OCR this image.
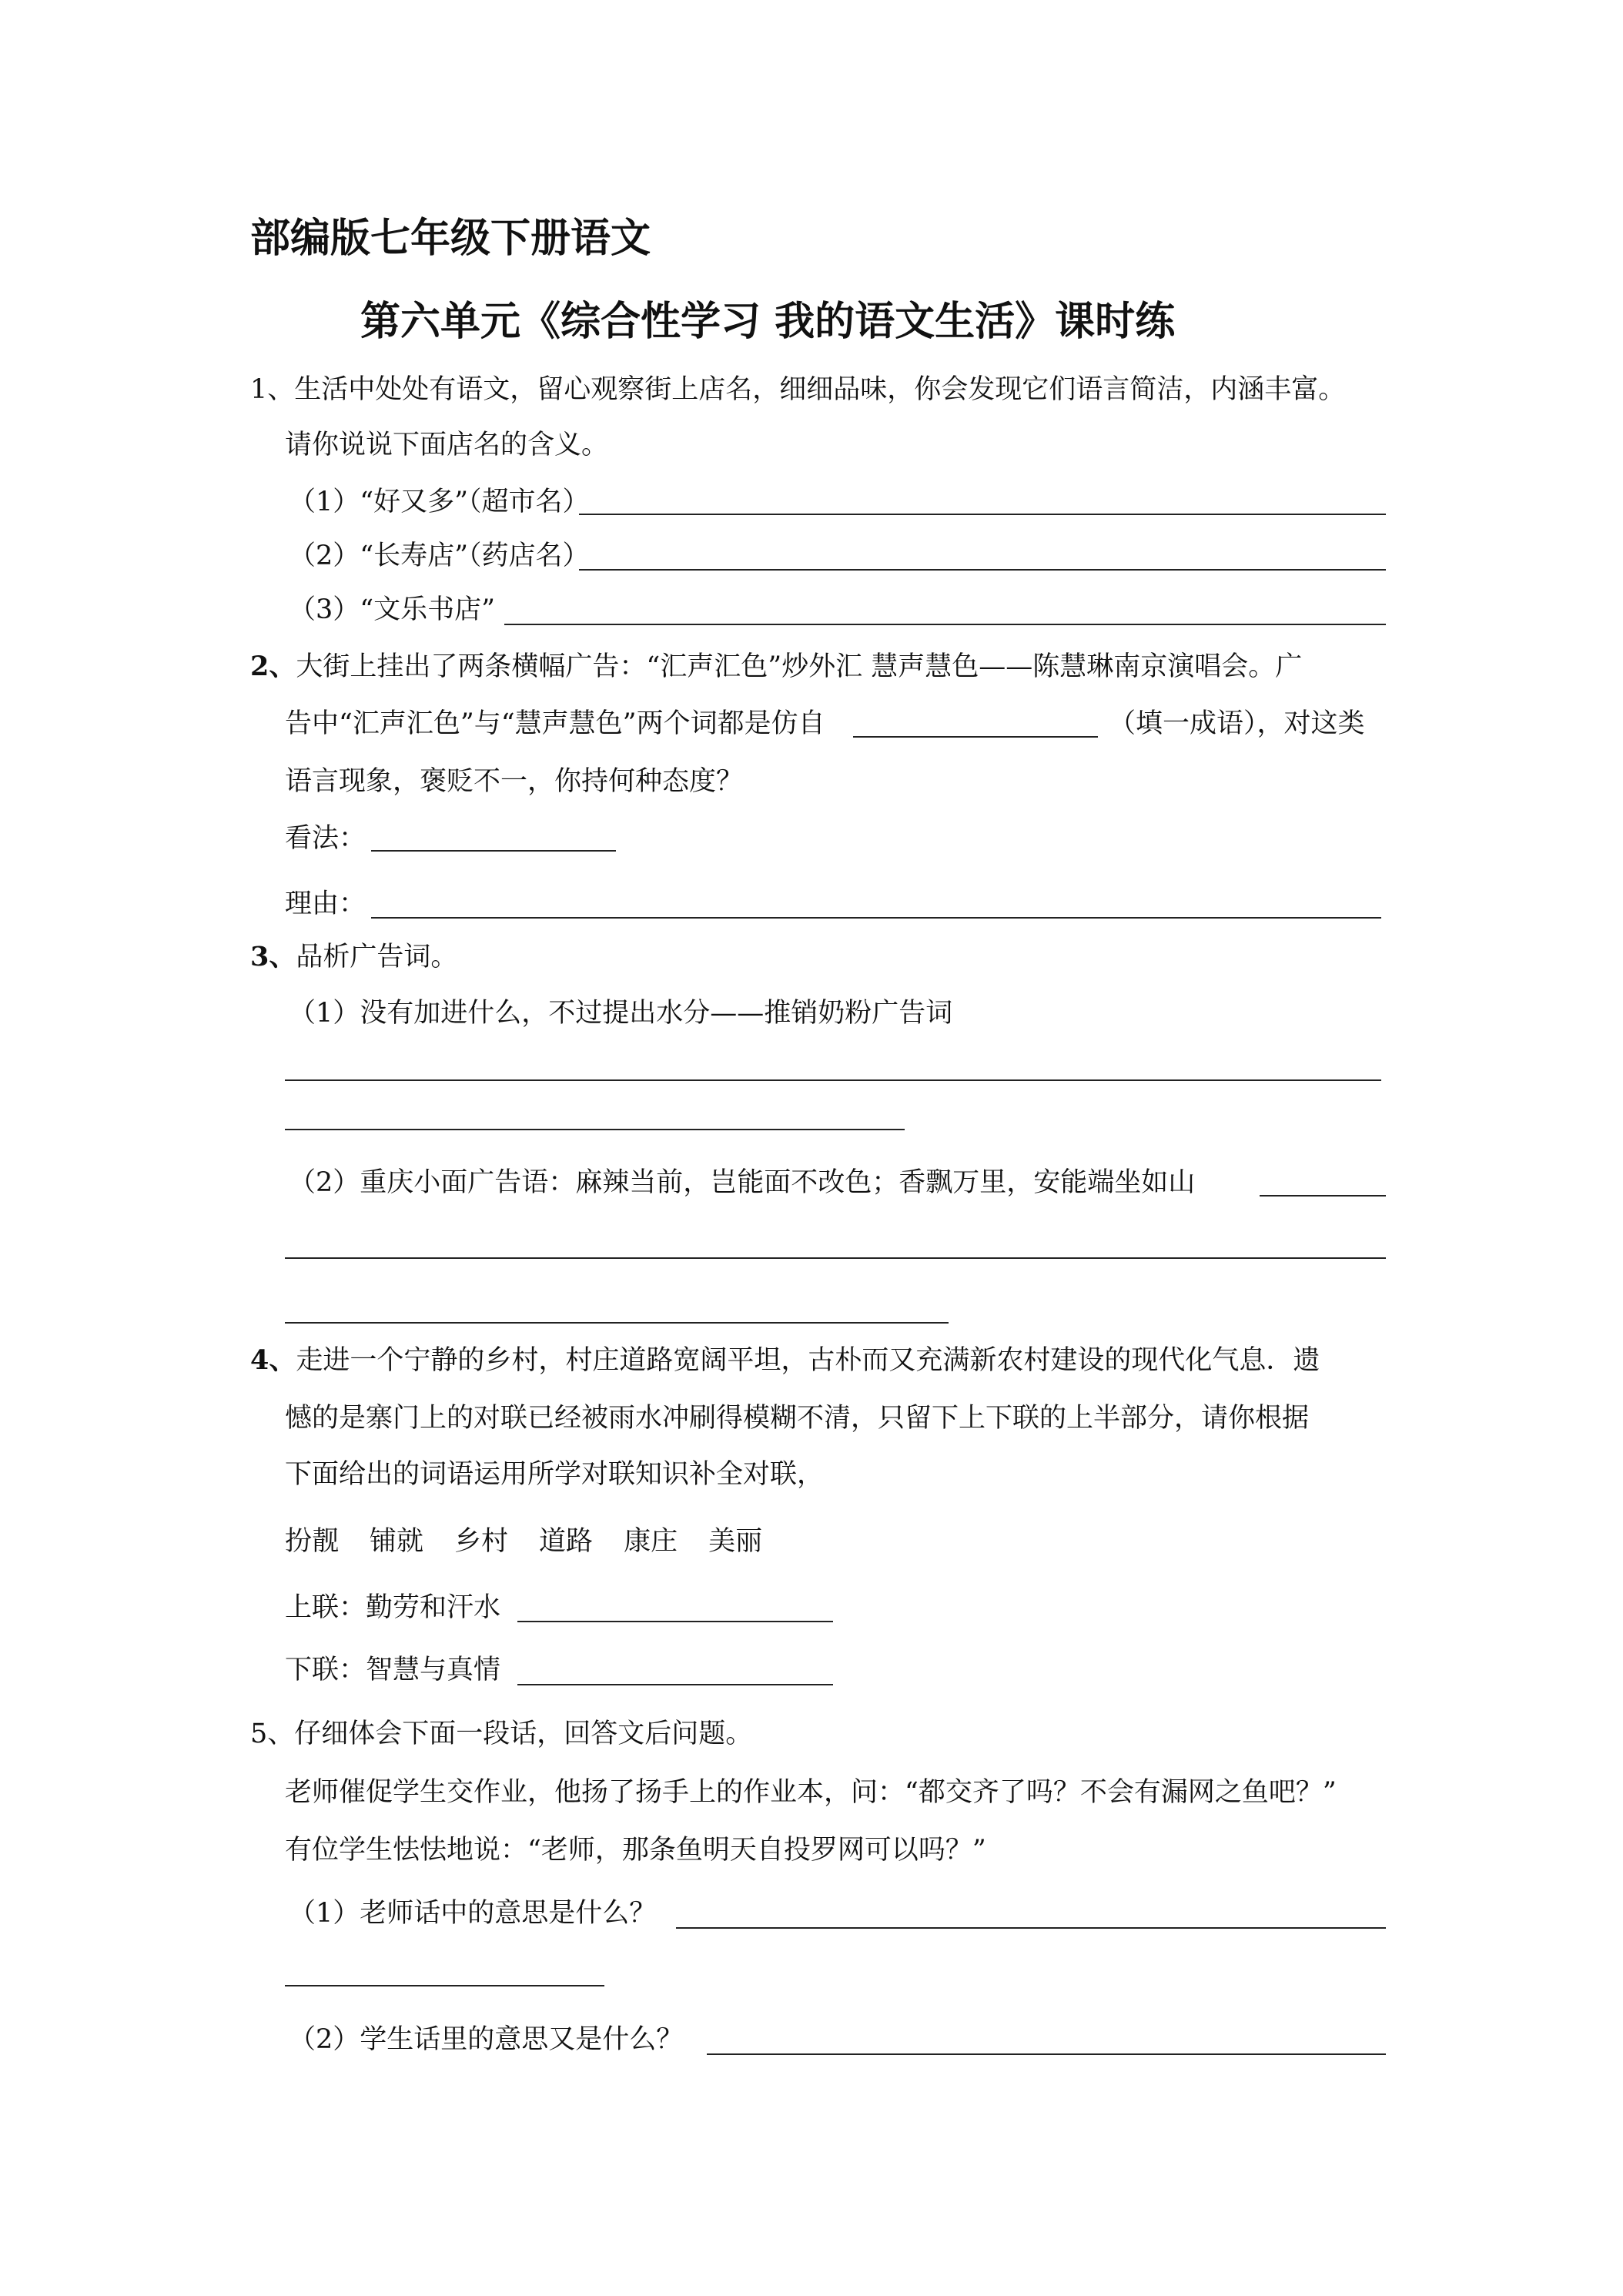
部编版七年级下册语文
第六单元《综合性学习 我的语文生活》课时练
1、生活中处处有语文，留心观察街上店名，细细品味，你会发现它们语言简洁，内涵丰富。
请你说说下面店名的含义。
（1）“好又多”（超市名）
（2）“长寿店”（药店名）
（3）“文乐书店”
2、大街上挂出了两条横幅广告：“汇声汇色”炒外汇 慧声慧色——陈慧琳南京演唱会。广
告中“汇声汇色”与“慧声慧色”两个词都是仿自	（填一成语），对这类
语言现象，褒贬不一，你持何种态度？
看法：
理由：
3、品析广告词。
（1）没有加进什么，不过提出水分——推销奶粉广告词
（2）重庆小面广告语：麻辣当前，岂能面不改色；香飘万里，安能端坐如山
4、走进一个宁静的乡村，村庄道路宽阔平坦，古朴而又充满新农村建设的现代化气息．遗
憾的是寨门上的对联已经被雨水冲刷得模糊不清，只留下上下联的上半部分，请你根据
下面给出的词语运用所学对联知识补全对联，
扮靓 铺就 乡村 道路 康庄 美丽
上联：勤劳和汗水
下联：智慧与真情
5、仔细体会下面一段话，回答文后问题。
老师催促学生交作业，他扬了扬手上的作业本，问：“都交齐了吗？不会有漏网之鱼吧？”
有位学生怯怯地说：“老师，那条鱼明天自投罗网可以吗？”
（1）老师话中的意思是什么？
（2）学生话里的意思又是什么？
